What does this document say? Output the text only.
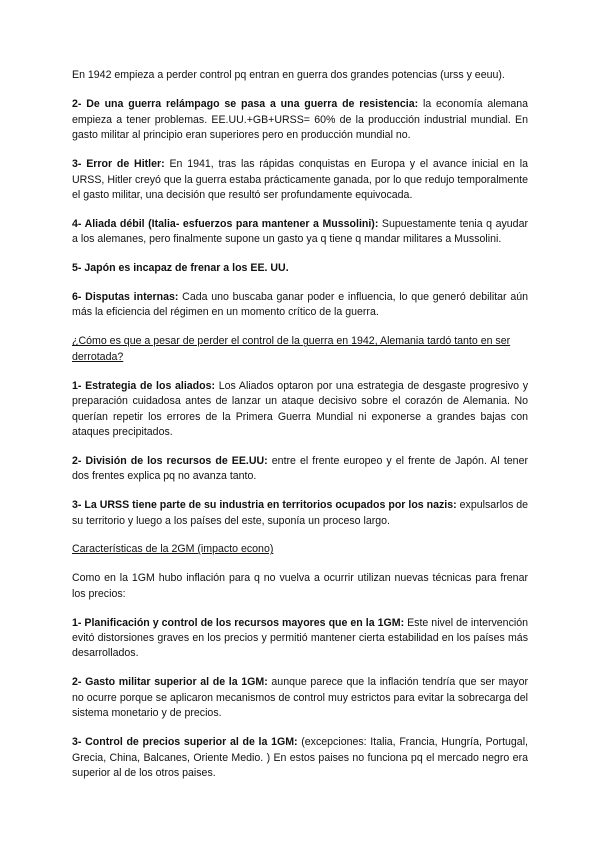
En 1942 empieza a perder control pq entran en guerra dos grandes potencias (urss y eeuu).

2- De una guerra relámpago se pasa a una guerra de resistencia: la economía alemana empieza a tener problemas. EE.UU.+GB+URSS= 60% de la producción industrial mundial. En gasto militar al principio eran superiores pero en producción mundial no.

3- Error de Hitler: En 1941, tras las rápidas conquistas en Europa y el avance inicial en la URSS, Hitler creyó que la guerra estaba prácticamente ganada, por lo que redujo temporalmente el gasto militar, una decisión que resultó ser profundamente equivocada.

4- Aliada débil (Italia- esfuerzos para mantener a Mussolini): Supuestamente tenia q ayudar a los alemanes, pero finalmente supone un gasto ya q tiene q mandar militares a Mussolini.

5- Japón es incapaz de frenar a los EE. UU.

6- Disputas internas: Cada uno buscaba ganar poder e influencia, lo que generó debilitar aún más la eficiencia del régimen en un momento crítico de la guerra.

¿Cómo es que a pesar de perder el control de la guerra en 1942, Alemania tardó tanto en ser derrotada?

1- Estrategia de los aliados: Los Aliados optaron por una estrategia de desgaste progresivo y preparación cuidadosa antes de lanzar un ataque decisivo sobre el corazón de Alemania. No querían repetir los errores de la Primera Guerra Mundial ni exponerse a grandes bajas con ataques precipitados.

2- División de los recursos de EE.UU: entre el frente europeo y el frente de Japón. Al tener dos frentes explica pq no avanza tanto.

3- La URSS tiene parte de su industria en territorios ocupados por los nazis: expulsarlos de su territorio y luego a los países del este, suponía un proceso largo.

Características de la 2GM (impacto econo)

Como en la 1GM hubo inflación para q no vuelva a ocurrir utilizan nuevas técnicas para frenar los precios:

1- Planificación y control de los recursos mayores que en la 1GM: Este nivel de intervención evitó distorsiones graves en los precios y permitió mantener cierta estabilidad en los países más desarrollados.

2- Gasto militar superior al de la 1GM: aunque parece que la inflación tendría que ser mayor no ocurre porque se aplicaron mecanismos de control muy estrictos para evitar la sobrecarga del sistema monetario y de precios.

3- Control de precios superior al de la 1GM: (excepciones: Italia, Francia, Hungría, Portugal, Grecia, China, Balcanes, Oriente Medio. ) En estos paises no funciona pq el mercado negro era superior al de los otros paises.
